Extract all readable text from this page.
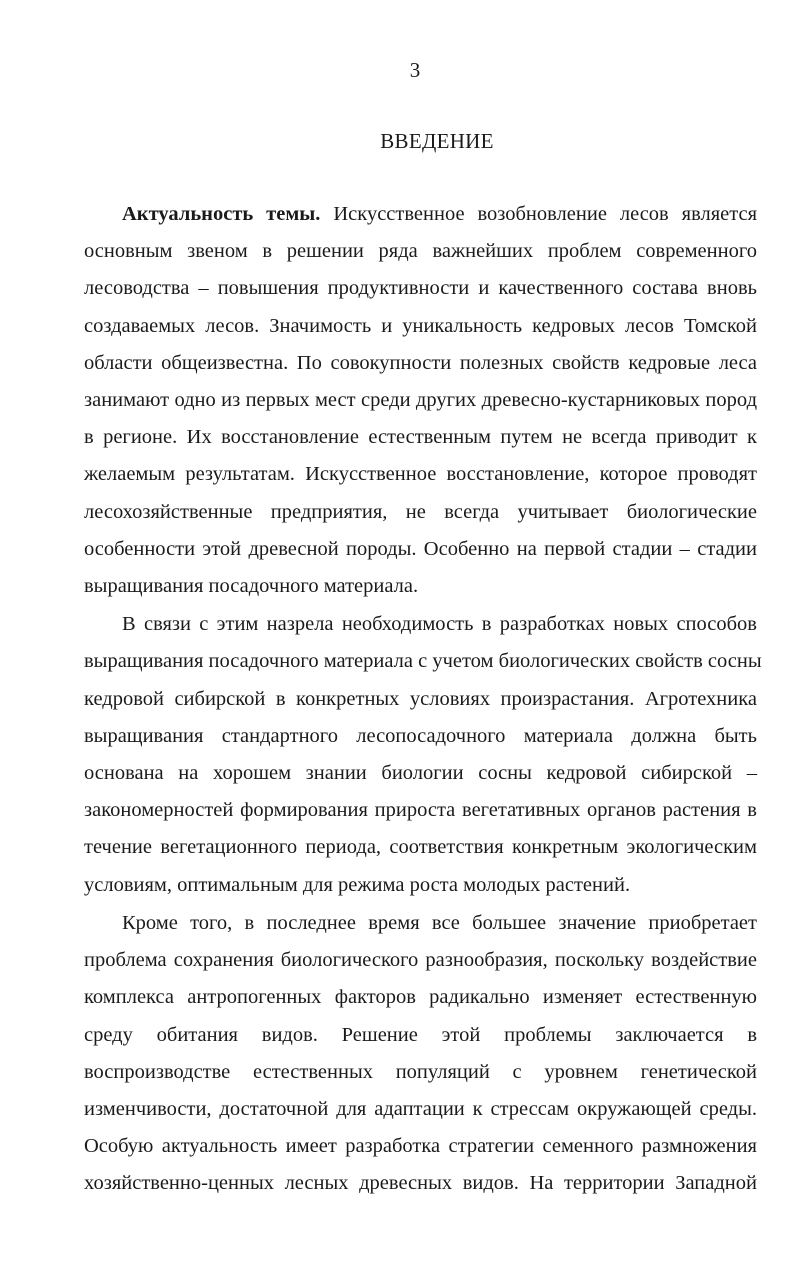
3
ВВЕДЕНИЕ
Актуальность темы. Искусственное возобновление лесов является
основным звеном в решении ряда важнейших проблем современного
лесоводства – повышения продуктивности и качественного состава вновь
создаваемых лесов. Значимость и уникальность кедровых лесов Томской
области общеизвестна. По совокупности полезных свойств кедровые леса
занимают одно из первых мест среди других древесно-кустарниковых пород
в регионе. Их восстановление естественным путем не всегда приводит к
желаемым результатам. Искусственное восстановление, которое проводят
лесохозяйственные предприятия, не всегда учитывает биологические
особенности этой древесной породы. Особенно на первой стадии – стадии
выращивания посадочного материала.
В связи с этим назрела необходимость в разработках новых способов
выращивания посадочного материала с учетом биологических свойств сосны
кедровой сибирской в конкретных условиях произрастания. Агротехника
выращивания стандартного лесопосадочного материала должна быть
основана на хорошем знании биологии сосны кедровой сибирской –
закономерностей формирования прироста вегетативных органов растения в
течение вегетационного периода, соответствия конкретным экологическим
условиям, оптимальным для режима роста молодых растений.
Кроме того, в последнее время все большее значение приобретает
проблема сохранения биологического разнообразия, поскольку воздействие
комплекса антропогенных факторов радикально изменяет естественную
среду обитания видов. Решение этой проблемы заключается в
воспроизводстве естественных популяций с уровнем генетической
изменчивости, достаточной для адаптации к стрессам окружающей среды.
Особую актуальность имеет разработка стратегии семенного размножения
хозяйственно-ценных лесных древесных видов. На территории Западной
